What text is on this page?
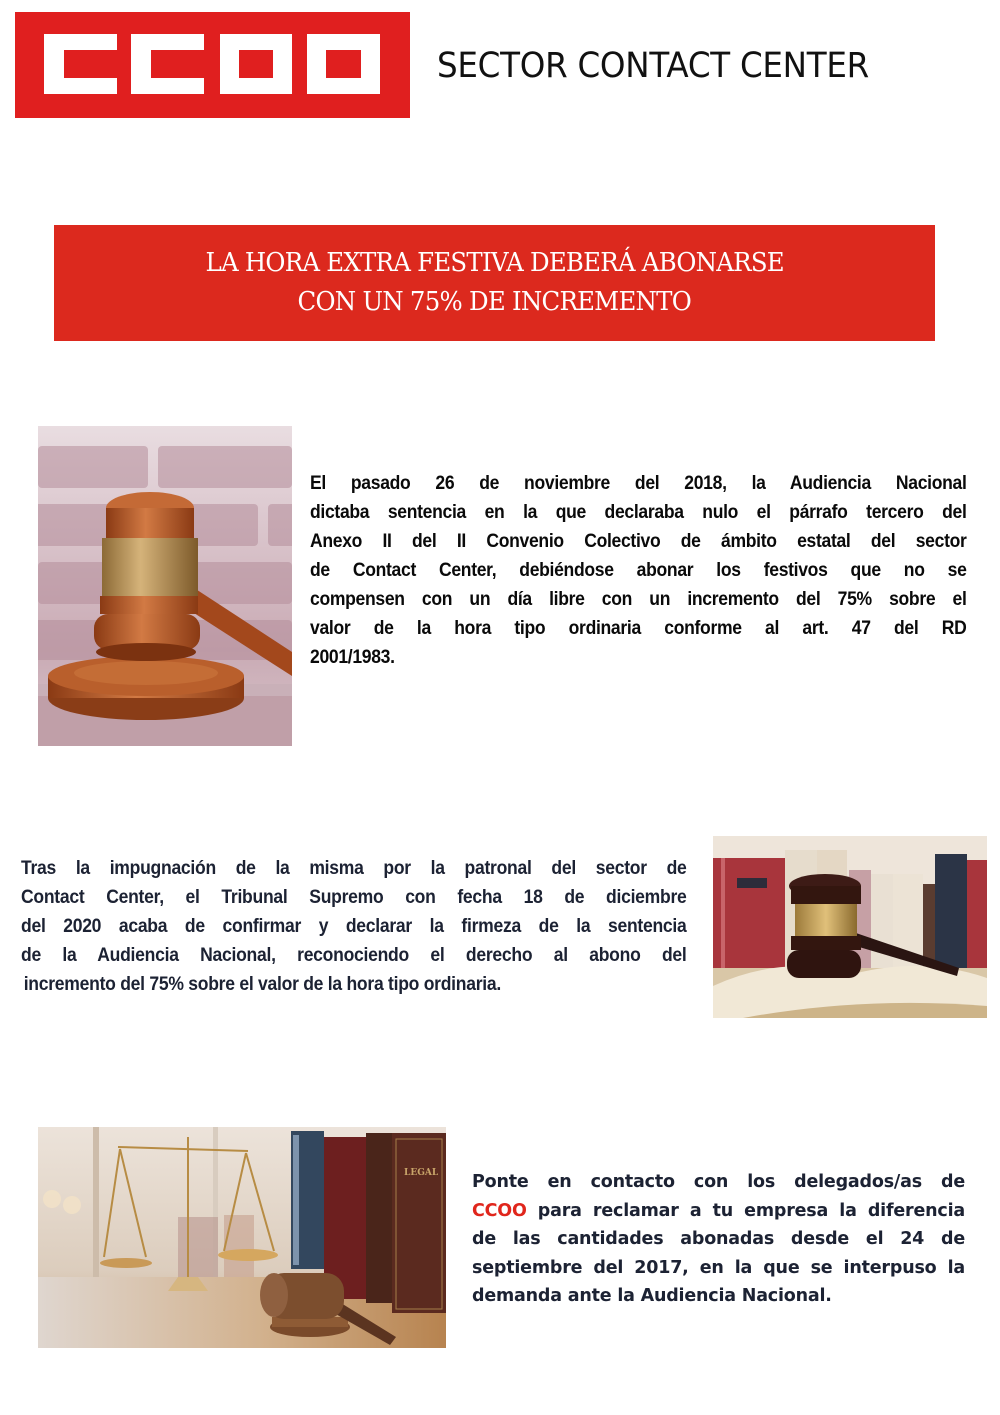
SECTOR CONTACT CENTER
LA HORA EXTRA FESTIVA DEBERÁ ABONARSE
CON UN 75% DE INCREMENTO
El pasado 26 de noviembre del 2018, la Audiencia Nacional
dictaba sentencia en la que declaraba nulo el párrafo tercero del
Anexo II del II Convenio Colectivo de ámbito estatal del sector
de Contact Center, debiéndose abonar los festivos que no se
compensen con un día libre con un incremento del 75% sobre el
valor de la hora tipo ordinaria conforme al art. 47 del RD
2001/1983.
Tras la impugnación de la misma por la patronal del sector de
Contact Center, el Tribunal Supremo con fecha 18 de diciembre
del 2020 acaba de confirmar y declarar la firmeza de la sentencia
de la Audiencia Nacional, reconociendo el derecho al abono del
incremento del 75% sobre el valor de la hora tipo ordinaria.
LEGAL Ponte en contacto con los delegados/as de
CCOO para reclamar a tu empresa la diferencia
de las cantidades abonadas desde el 24 de
septiembre del 2017, en la que se interpuso la
demanda ante la Audiencia Nacional.
